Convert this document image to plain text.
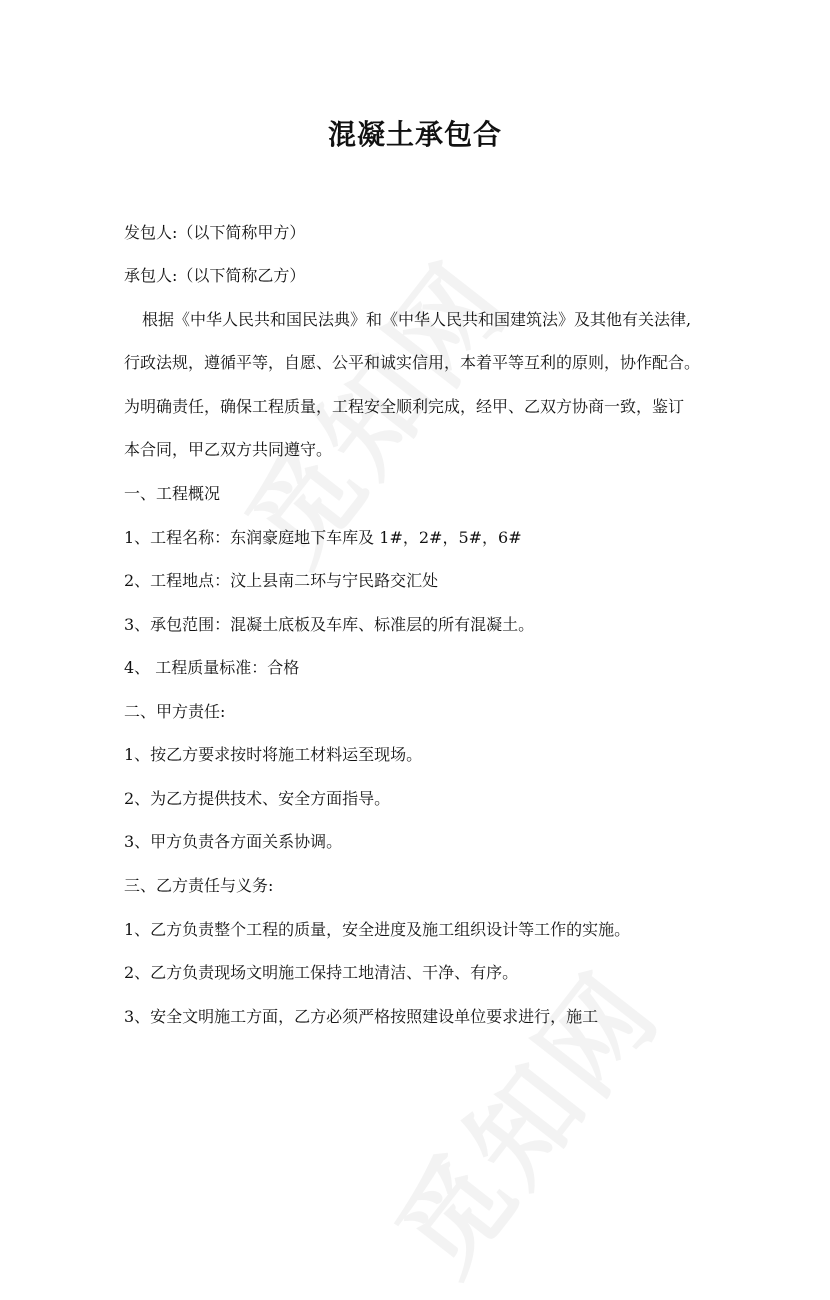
混凝土承包合

发包人:（以下简称甲方）

承包人:（以下简称乙方）

根据《中华人民共和国民法典》和《中华人民共和国建筑法》及其他有关法律,

行政法规，遵循平等，自愿、公平和诚实信用，本着平等互利的原则，协作配合。

为明确责任，确保工程质量，工程安全顺利完成，经甲、乙双方协商一致，鉴订

本合同，甲乙双方共同遵守。

一、工程概况

1、工程名称：东润豪庭地下车库及 1#，2#，5#，6#

2、工程地点：汶上县南二环与宁民路交汇处

3、承包范围：混凝土底板及车库、标准层的所有混凝土。

4、 工程质量标准：合格

二、甲方责任:

1、按乙方要求按时将施工材料运至现场。

2、为乙方提供技术、安全方面指导。

3、甲方负责各方面关系协调。

三、乙方责任与义务:

1、乙方负责整个工程的质量，安全进度及施工组织设计等工作的实施。

2、乙方负责现场文明施工保持工地清洁、干净、有序。

3、安全文明施工方面，乙方必须严格按照建设单位要求进行，施工
